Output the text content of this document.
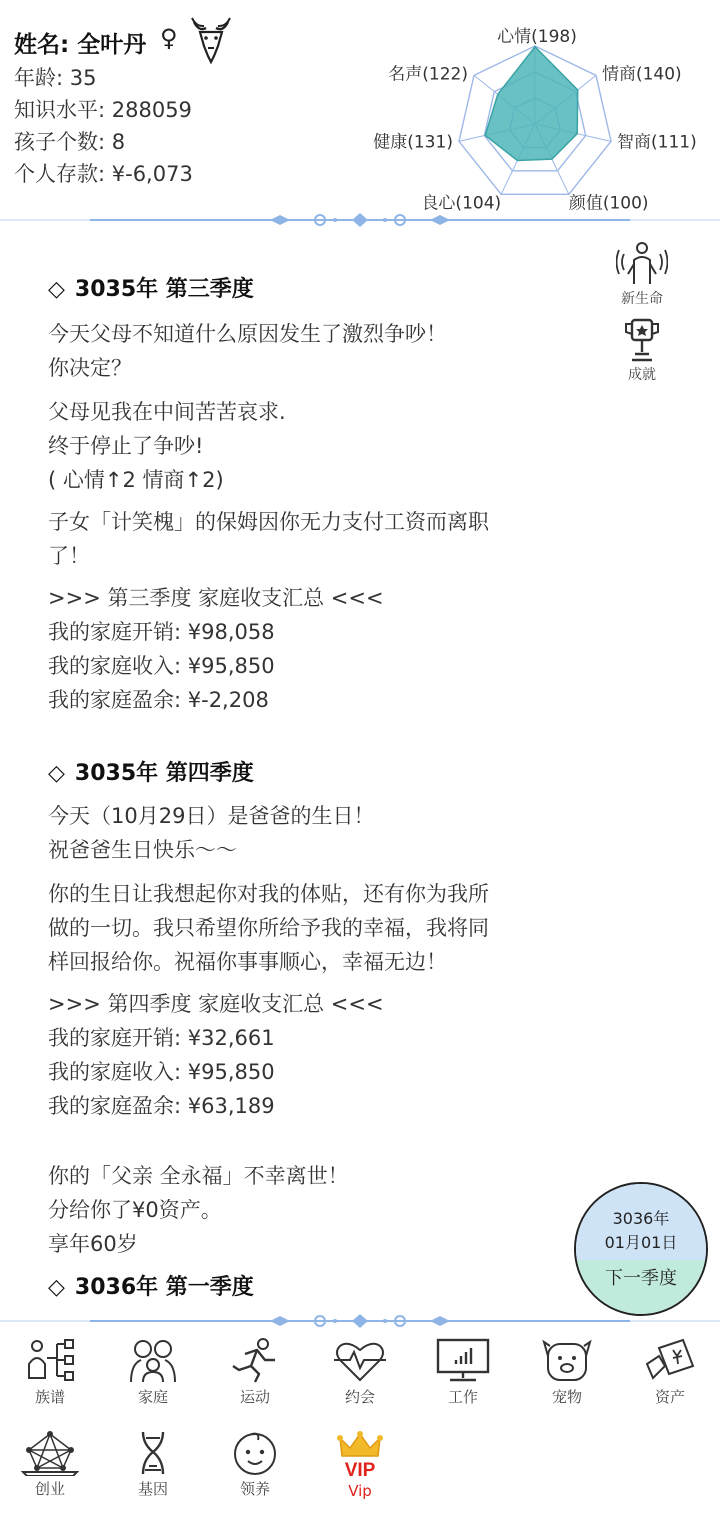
姓名: 全叶丹 ♀
年龄: 35
知识水平: 288059
孩子个数: 8
个人存款: ¥-6,073
心情(198)
情商(140)
智商(111)
颜值(100)
良心(104)
健康(131)
名声(122)
◇ 3035年 第三季度
今天父母不知道什么原因发生了激烈争吵！
你决定？
父母见我在中间苦苦哀求.
终于停止了争吵!
( 心情↑2 情商↑2)
子女「计笑槐」的保姆因你无力支付工资而离职
了！
>>> 第三季度 家庭收支汇总 <<<
我的家庭开销: ¥98,058
我的家庭收入: ¥95,850
我的家庭盈余: ¥-2,208
◇ 3035年 第四季度
今天（10月29日）是爸爸的生日！
祝爸爸生日快乐～～
你的生日让我想起你对我的体贴，还有你为我所
做的一切。我只希望你所给予我的幸福，我将同
样回报给你。祝福你事事顺心，幸福无边！
>>> 第四季度 家庭收支汇总 <<<
我的家庭开销: ¥32,661
我的家庭收入: ¥95,850
我的家庭盈余: ¥63,189
你的「父亲 全永福」不幸离世！
分给你了¥0资产。
享年60岁
◇ 3036年 第一季度
新生命
成就
3036年
01月01日
下一季度
族谱	家庭	运动	约会	工作	宠物	资产
创业	基因	领养
VIP
Vip
